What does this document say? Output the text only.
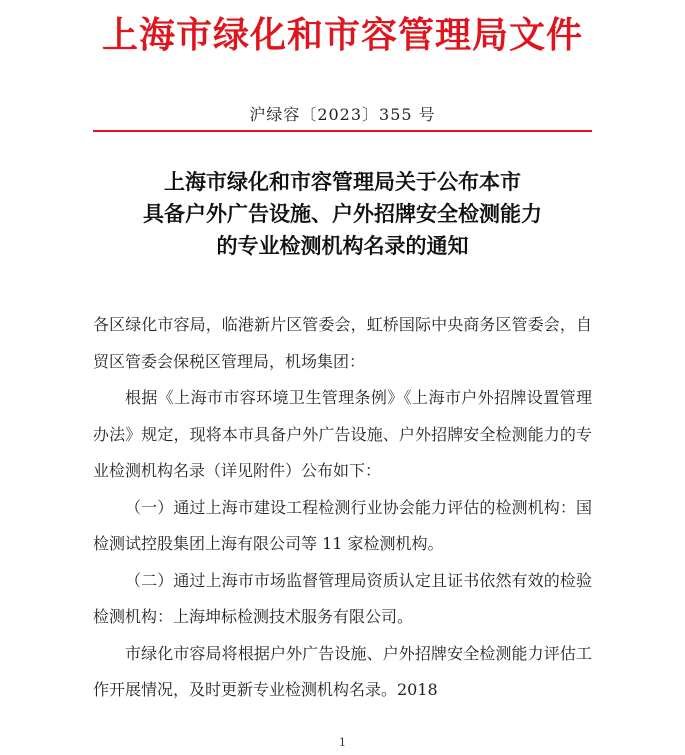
上海市绿化和市容管理局文件
沪绿容〔2023〕355 号
上海市绿化和市容管理局关于公布本市
具备户外广告设施、户外招牌安全检测能力
的专业检测机构名录的通知

各区绿化市容局，临港新片区管委会，虹桥国际中央商务区管委会，自贸区管委会保税区管理局，机场集团：

根据《上海市市容环境卫生管理条例》《上海市户外招牌设置管理办法》规定，现将本市具备户外广告设施、户外招牌安全检测能力的专业检测机构名录（详见附件）公布如下：

（一）通过上海市建设工程检测行业协会能力评估的检测机构：国检测试控股集团上海有限公司等 11 家检测机构。

（二）通过上海市市场监督管理局资质认定且证书依然有效的检验检测机构：上海坤标检测技术服务有限公司。

市绿化市容局将根据户外广告设施、户外招牌安全检测能力评估工作开展情况，及时更新专业检测机构名录。2018

1
